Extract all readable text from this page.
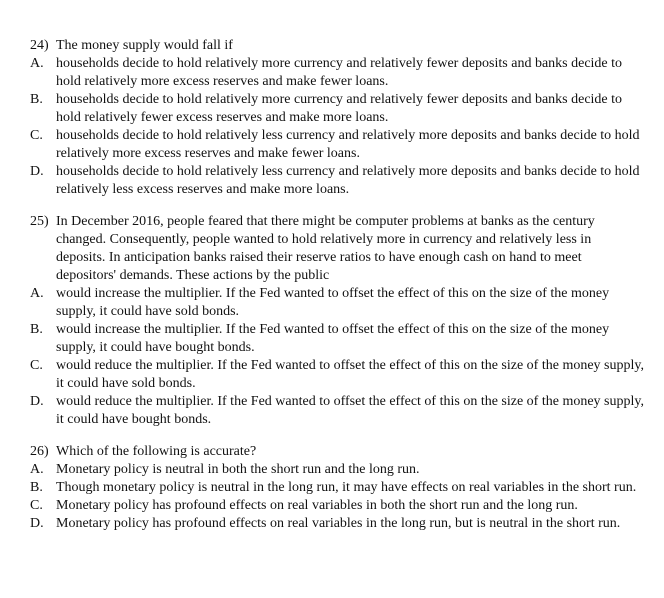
24) The money supply would fall if
A. households decide to hold relatively more currency and relatively fewer deposits and banks decide to hold relatively more excess reserves and make fewer loans.
B. households decide to hold relatively more currency and relatively fewer deposits and banks decide to hold relatively fewer excess reserves and make more loans.
C. households decide to hold relatively less currency and relatively more deposits and banks decide to hold relatively more excess reserves and make fewer loans.
D. households decide to hold relatively less currency and relatively more deposits and banks decide to hold relatively less excess reserves and make more loans.
25) In December 2016, people feared that there might be computer problems at banks as the century changed. Consequently, people wanted to hold relatively more in currency and relatively less in deposits. In anticipation banks raised their reserve ratios to have enough cash on hand to meet depositors' demands. These actions by the public
A. would increase the multiplier. If the Fed wanted to offset the effect of this on the size of the money supply, it could have sold bonds.
B. would increase the multiplier. If the Fed wanted to offset the effect of this on the size of the money supply, it could have bought bonds.
C. would reduce the multiplier. If the Fed wanted to offset the effect of this on the size of the money supply, it could have sold bonds.
D. would reduce the multiplier. If the Fed wanted to offset the effect of this on the size of the money supply, it could have bought bonds.
26) Which of the following is accurate?
A. Monetary policy is neutral in both the short run and the long run.
B. Though monetary policy is neutral in the long run, it may have effects on real variables in the short run.
C. Monetary policy has profound effects on real variables in both the short run and the long run.
D. Monetary policy has profound effects on real variables in the long run, but is neutral in the short run.
